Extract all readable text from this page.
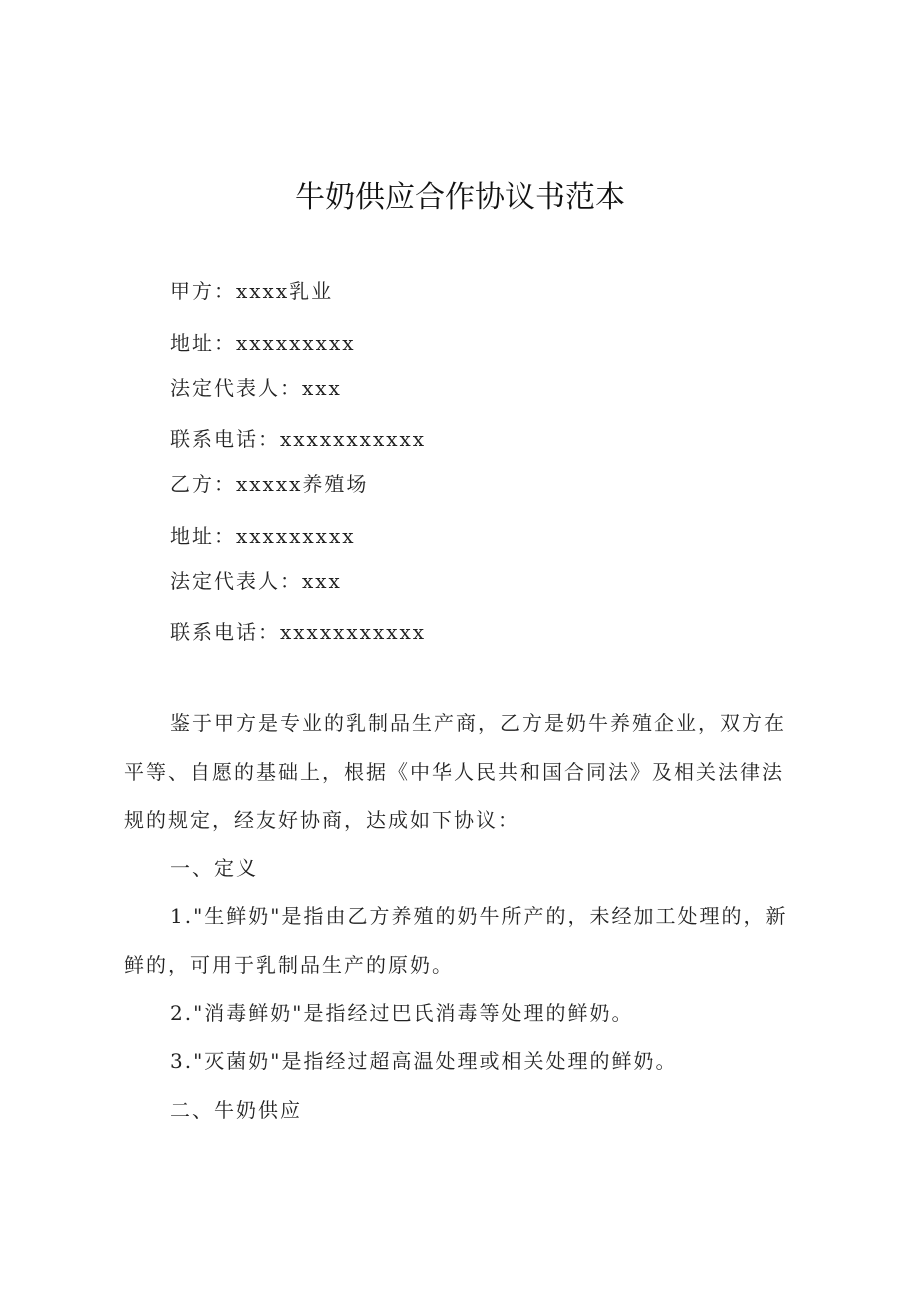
牛奶供应合作协议书范本
甲方：xxxx乳业
地址：xxxxxxxxx
法定代表人：xxx
联系电话：xxxxxxxxxxx
乙方：xxxxx养殖场
地址：xxxxxxxxx
法定代表人：xxx
联系电话：xxxxxxxxxxx
鉴于甲方是专业的乳制品生产商，乙方是奶牛养殖企业，双方在
平等、自愿的基础上，根据《中华人民共和国合同法》及相关法律法
规的规定，经友好协商，达成如下协议：
一、定义
1."生鲜奶"是指由乙方养殖的奶牛所产的，未经加工处理的，新
鲜的，可用于乳制品生产的原奶。
2."消毒鲜奶"是指经过巴氏消毒等处理的鲜奶。
3."灭菌奶"是指经过超高温处理或相关处理的鲜奶。
二、牛奶供应
